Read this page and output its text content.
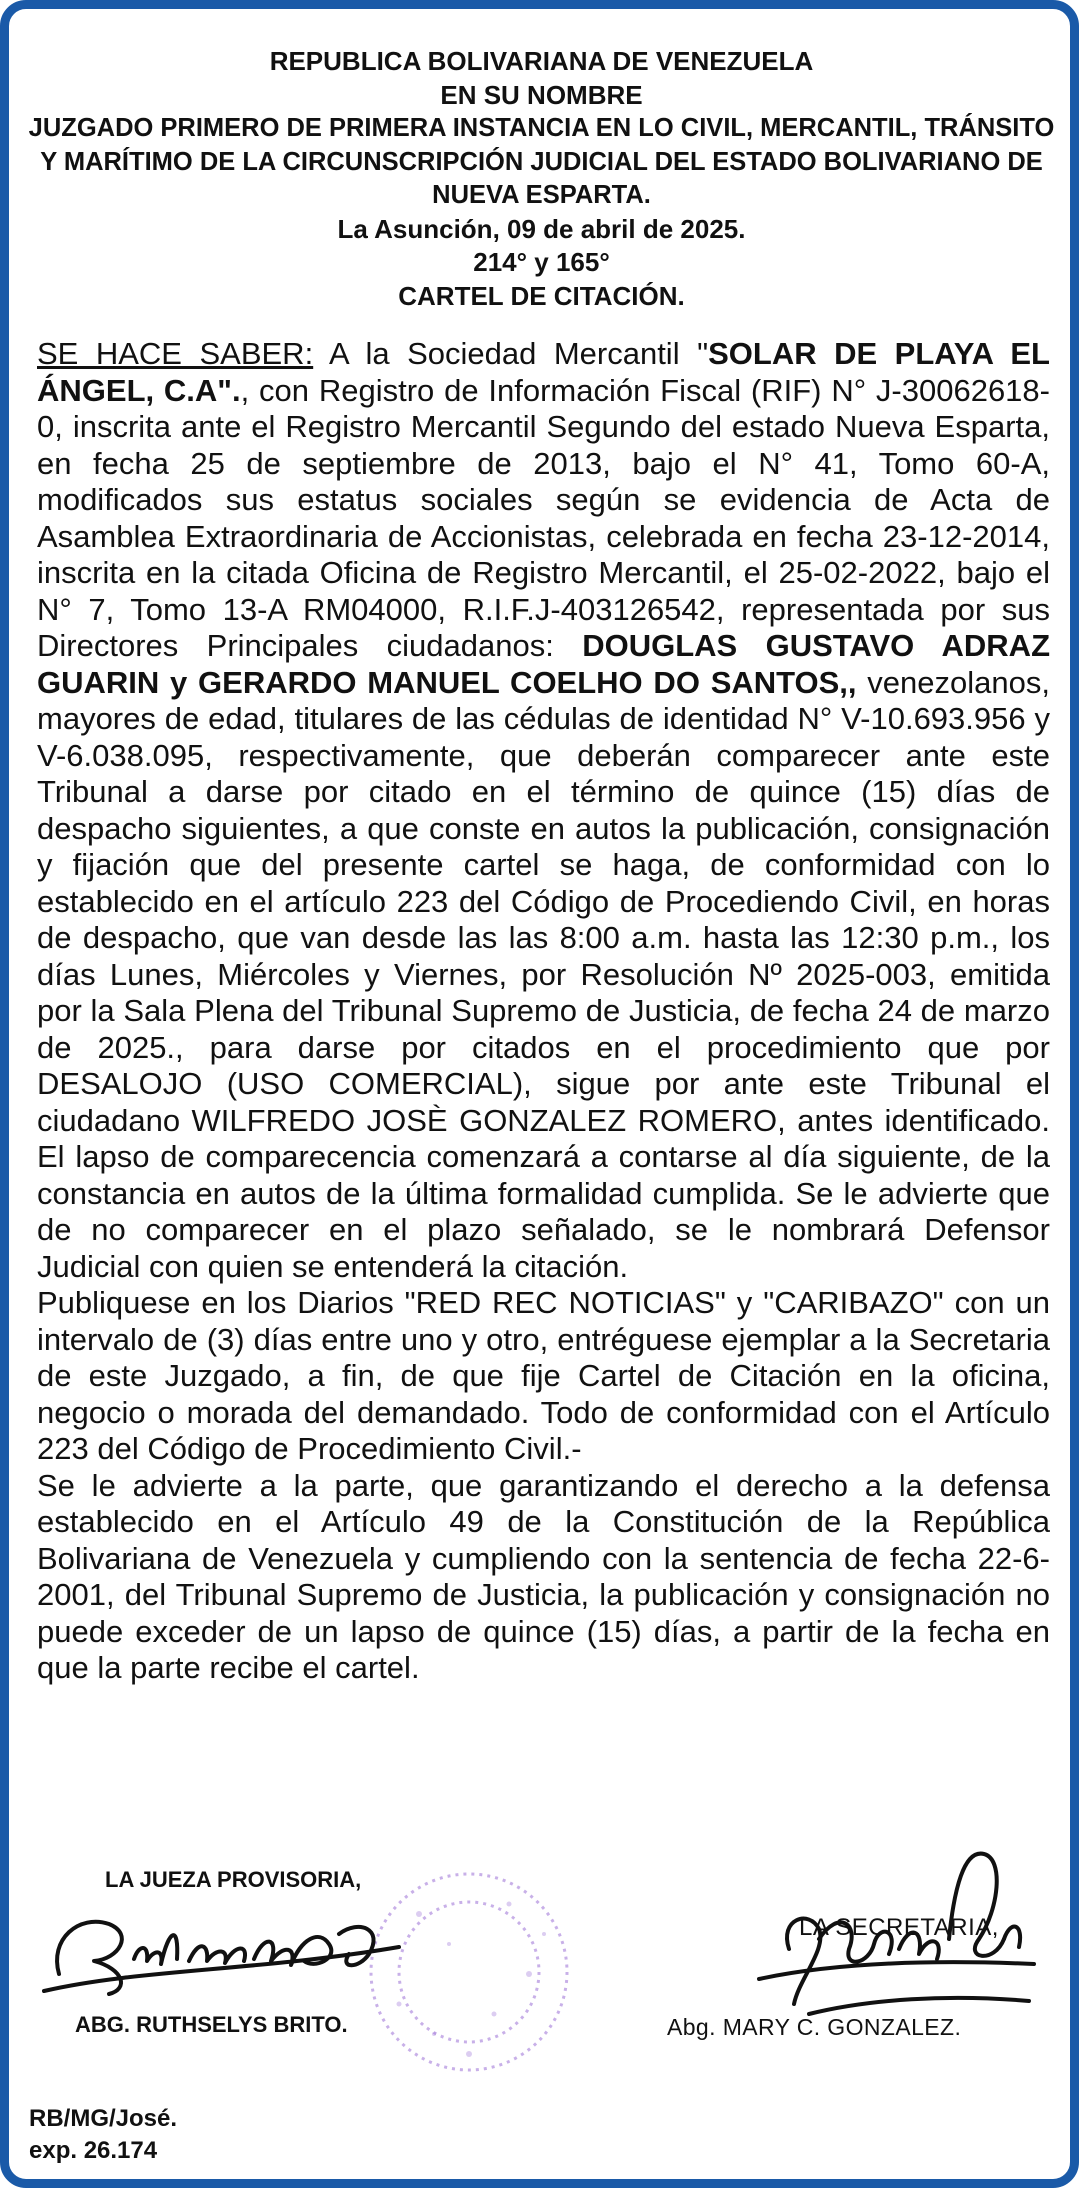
REPUBLICA BOLIVARIANA DE VENEZUELA
EN SU NOMBRE
JUZGADO PRIMERO DE PRIMERA INSTANCIA EN LO CIVIL, MERCANTIL, TRÁNSITO Y MARÍTIMO DE LA CIRCUNSCRIPCIÓN JUDICIAL DEL ESTADO BOLIVARIANO DE NUEVA ESPARTA.
La Asunción, 09 de abril de 2025.
214° y 165°
CARTEL DE CITACIÓN.

SE HACE SABER: A la Sociedad Mercantil "SOLAR DE PLAYA EL ÁNGEL, C.A"., con Registro de Información Fiscal (RIF) N° J-30062618-0, inscrita ante el Registro Mercantil Segundo del estado Nueva Esparta, en fecha 25 de septiembre de 2013, bajo el N° 41, Tomo 60-A, modificados sus estatus sociales según se evidencia de Acta de Asamblea Extraordinaria de Accionistas, celebrada en fecha 23-12-2014, inscrita en la citada Oficina de Registro Mercantil, el 25-02-2022, bajo el N° 7, Tomo 13-A RM04000, R.I.F.J-403126542, representada por sus Directores Principales ciudadanos: DOUGLAS GUSTAVO ADRAZ GUARIN y GERARDO MANUEL COELHO DO SANTOS,, venezolanos, mayores de edad, titulares de las cédulas de identidad N° V-10.693.956 y V-6.038.095, respectivamente, que deberán comparecer ante este Tribunal a darse por citado en el término de quince (15) días de despacho siguientes, a que conste en autos la publicación, consignación y fijación que del presente cartel se haga, de conformidad con lo establecido en el artículo 223 del Código de Procediendo Civil, en horas de despacho, que van desde las las 8:00 a.m. hasta las 12:30 p.m., los días Lunes, Miércoles y Viernes, por Resolución Nº 2025-003, emitida por la Sala Plena del Tribunal Supremo de Justicia, de fecha 24 de marzo de 2025., para darse por citados en el procedimiento que por DESALOJO (USO COMERCIAL), sigue por ante este Tribunal el ciudadano WILFREDO JOSÈ GONZALEZ ROMERO, antes identificado. El lapso de comparecencia comenzará a contarse al día siguiente, de la constancia en autos de la última formalidad cumplida. Se le advierte que de no comparecer en el plazo señalado, se le nombrará Defensor Judicial con quien se entenderá la citación.

Publiquese en los Diarios "RED REC NOTICIAS" y "CARIBAZO" con un intervalo de (3) días entre uno y otro, entréguese ejemplar a la Secretaria de este Juzgado, a fin, de que fije Cartel de Citación en la oficina, negocio o morada del demandado. Todo de conformidad con el Artículo 223 del Código de Procedimiento Civil.-

Se le advierte a la parte, que garantizando el derecho a la defensa establecido en el Artículo 49 de la Constitución de la República Bolivariana de Venezuela y cumpliendo con la sentencia de fecha 22-6-2001, del Tribunal Supremo de Justicia, la publicación y consignación no puede exceder de un lapso de quince (15) días, a partir de la fecha en que la parte recibe el cartel.

LA JUEZA PROVISORIA,
ABG. RUTHSELYS BRITO.
LA SECRETARIA,
Abg. MARY C. GONZALEZ.
RB/MG/José.
exp. 26.174
